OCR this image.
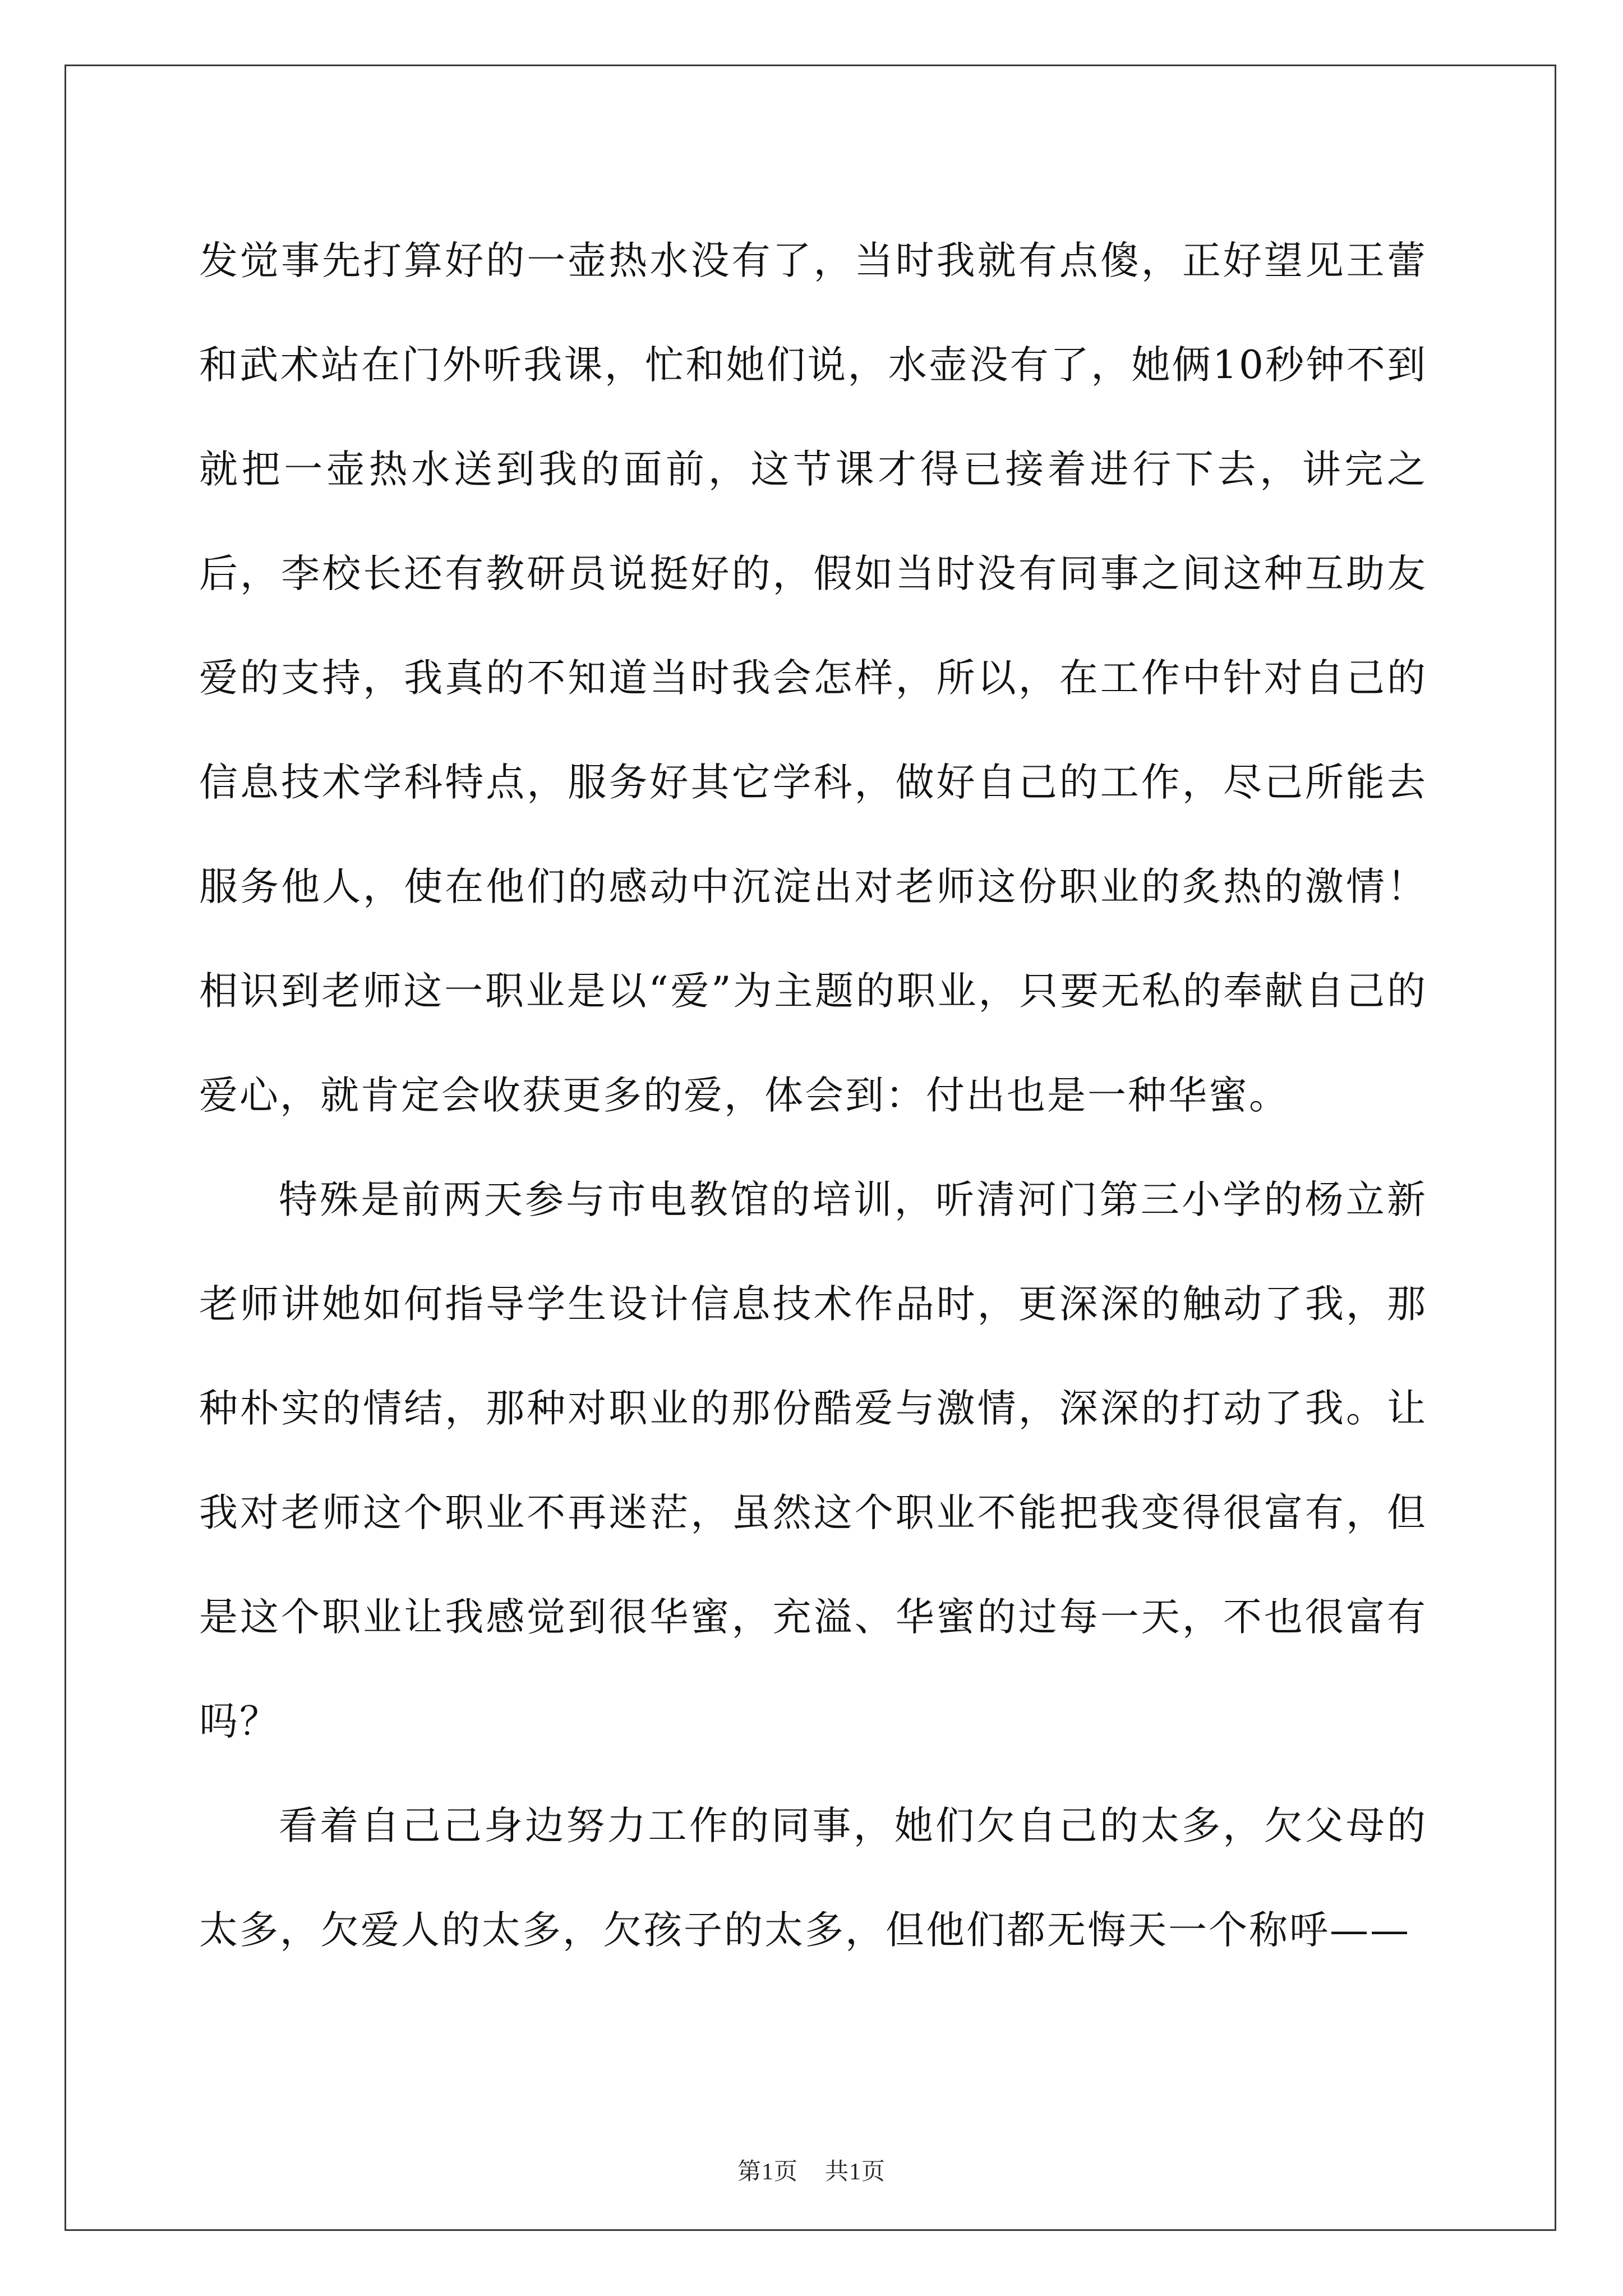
发觉事先打算好的一壶热水没有了，当时我就有点傻，正好望见王蕾和武术站在门外听我课，忙和她们说，水壶没有了，她俩10秒钟不到就把一壶热水送到我的面前，这节课才得已接着进行下去，讲完之后，李校长还有教研员说挺好的，假如当时没有同事之间这种互助友爱的支持，我真的不知道当时我会怎样，所以，在工作中针对自己的信息技术学科特点，服务好其它学科，做好自己的工作，尽己所能去服务他人，使在他们的感动中沉淀出对老师这份职业的炙热的激情！相识到老师这一职业是以“爱”为主题的职业，只要无私的奉献自己的爱心，就肯定会收获更多的爱，体会到：付出也是一种华蜜。

特殊是前两天参与市电教馆的培训，听清河门第三小学的杨立新老师讲她如何指导学生设计信息技术作品时，更深深的触动了我，那种朴实的情结，那种对职业的那份酷爱与激情，深深的打动了我。让我对老师这个职业不再迷茫，虽然这个职业不能把我变得很富有，但是这个职业让我感觉到很华蜜，充溢、华蜜的过每一天，不也很富有吗？

看着自己己身边努力工作的同事，她们欠自己的太多，欠父母的太多，欠爱人的太多，欠孩子的太多，但他们都无悔天一个称呼——

第1页 共1页
